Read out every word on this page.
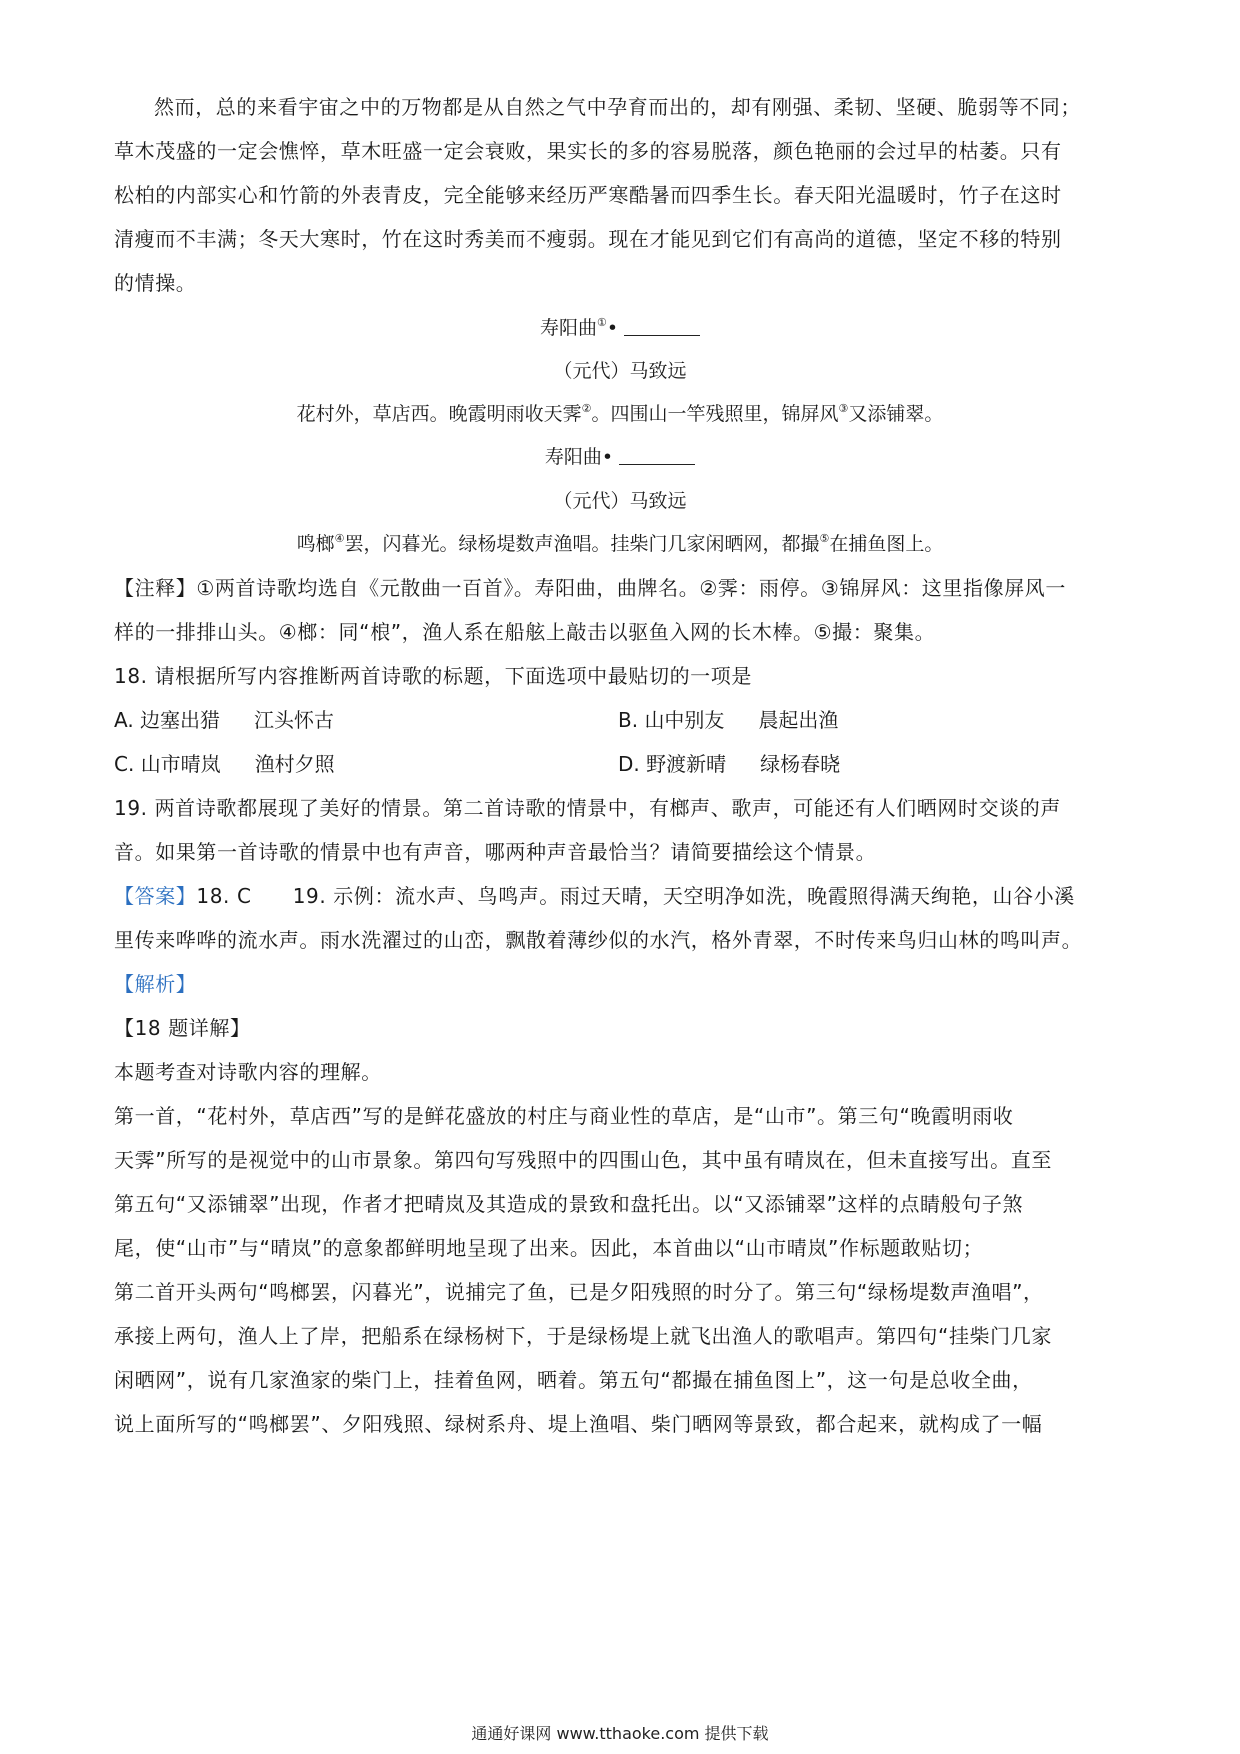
然而，总的来看宇宙之中的万物都是从自然之气中孕育而出的，却有刚强、柔韧、坚硬、脆弱等不同；
草木茂盛的一定会憔悴，草木旺盛一定会衰败，果实长的多的容易脱落，颜色艳丽的会过早的枯萎。只有
松柏的内部实心和竹箭的外表青皮，完全能够来经历严寒酷暑而四季生长。春天阳光温暖时，竹子在这时
清瘦而不丰满；冬天大寒时，竹在这时秀美而不瘦弱。现在才能见到它们有高尚的道德，坚定不移的特别
的情操。
寿阳曲①•
（元代）马致远
花村外，草店西。晚霞明雨收天霁②。四围山一竿残照里，锦屏风③又添铺翠。
寿阳曲•
（元代）马致远
鸣榔④罢，闪暮光。绿杨堤数声渔唱。挂柴门几家闲晒网，都撮⑤在捕鱼图上。
【注释】①两首诗歌均选自《元散曲一百首》。寿阳曲，曲牌名。②霁：雨停。③锦屏风：这里指像屏风一
样的一排排山头。④榔：同“桹”，渔人系在船舷上敲击以驱鱼入网的长木棒。⑤撮：聚集。
18. 请根据所写内容推断两首诗歌的标题，下面选项中最贴切的一项是
A. 边塞出猎 江头怀古	B. 山中别友 晨起出渔
C. 山市晴岚 渔村夕照	D. 野渡新晴 绿杨春晓
19. 两首诗歌都展现了美好的情景。第二首诗歌的情景中，有榔声、歌声，可能还有人们晒网时交谈的声
音。如果第一首诗歌的情景中也有声音，哪两种声音最恰当？请简要描绘这个情景。
【答案】18. C　　19. 示例：流水声、鸟鸣声。雨过天晴，天空明净如洗，晚霞照得满天绚艳，山谷小溪
里传来哗哗的流水声。雨水洗濯过的山峦，飘散着薄纱似的水汽，格外青翠，不时传来鸟归山林的鸣叫声。
【解析】
【18 题详解】
本题考查对诗歌内容的理解。
第一首，“花村外，草店西”写的是鲜花盛放的村庄与商业性的草店，是“山市”。第三句“晚霞明雨收
天霁”所写的是视觉中的山市景象。第四句写残照中的四围山色，其中虽有晴岚在，但未直接写出。直至
第五句“又添铺翠”出现，作者才把晴岚及其造成的景致和盘托出。以“又添铺翠”这样的点睛般句子煞
尾，使“山市”与“晴岚”的意象都鲜明地呈现了出来。因此，本首曲以“山市晴岚”作标题敢贴切；
第二首开头两句“鸣榔罢，闪暮光”，说捕完了鱼，已是夕阳残照的时分了。第三句“绿杨堤数声渔唱”，
承接上两句，渔人上了岸，把船系在绿杨树下，于是绿杨堤上就飞出渔人的歌唱声。第四句“挂柴门几家
闲晒网”，说有几家渔家的柴门上，挂着鱼网，晒着。第五句“都撮在捕鱼图上”，这一句是总收全曲，
说上面所写的“鸣榔罢”、夕阳残照、绿树系舟、堤上渔唱、柴门晒网等景致，都合起来，就构成了一幅
通通好课网 www.tthaoke.com 提供下载
